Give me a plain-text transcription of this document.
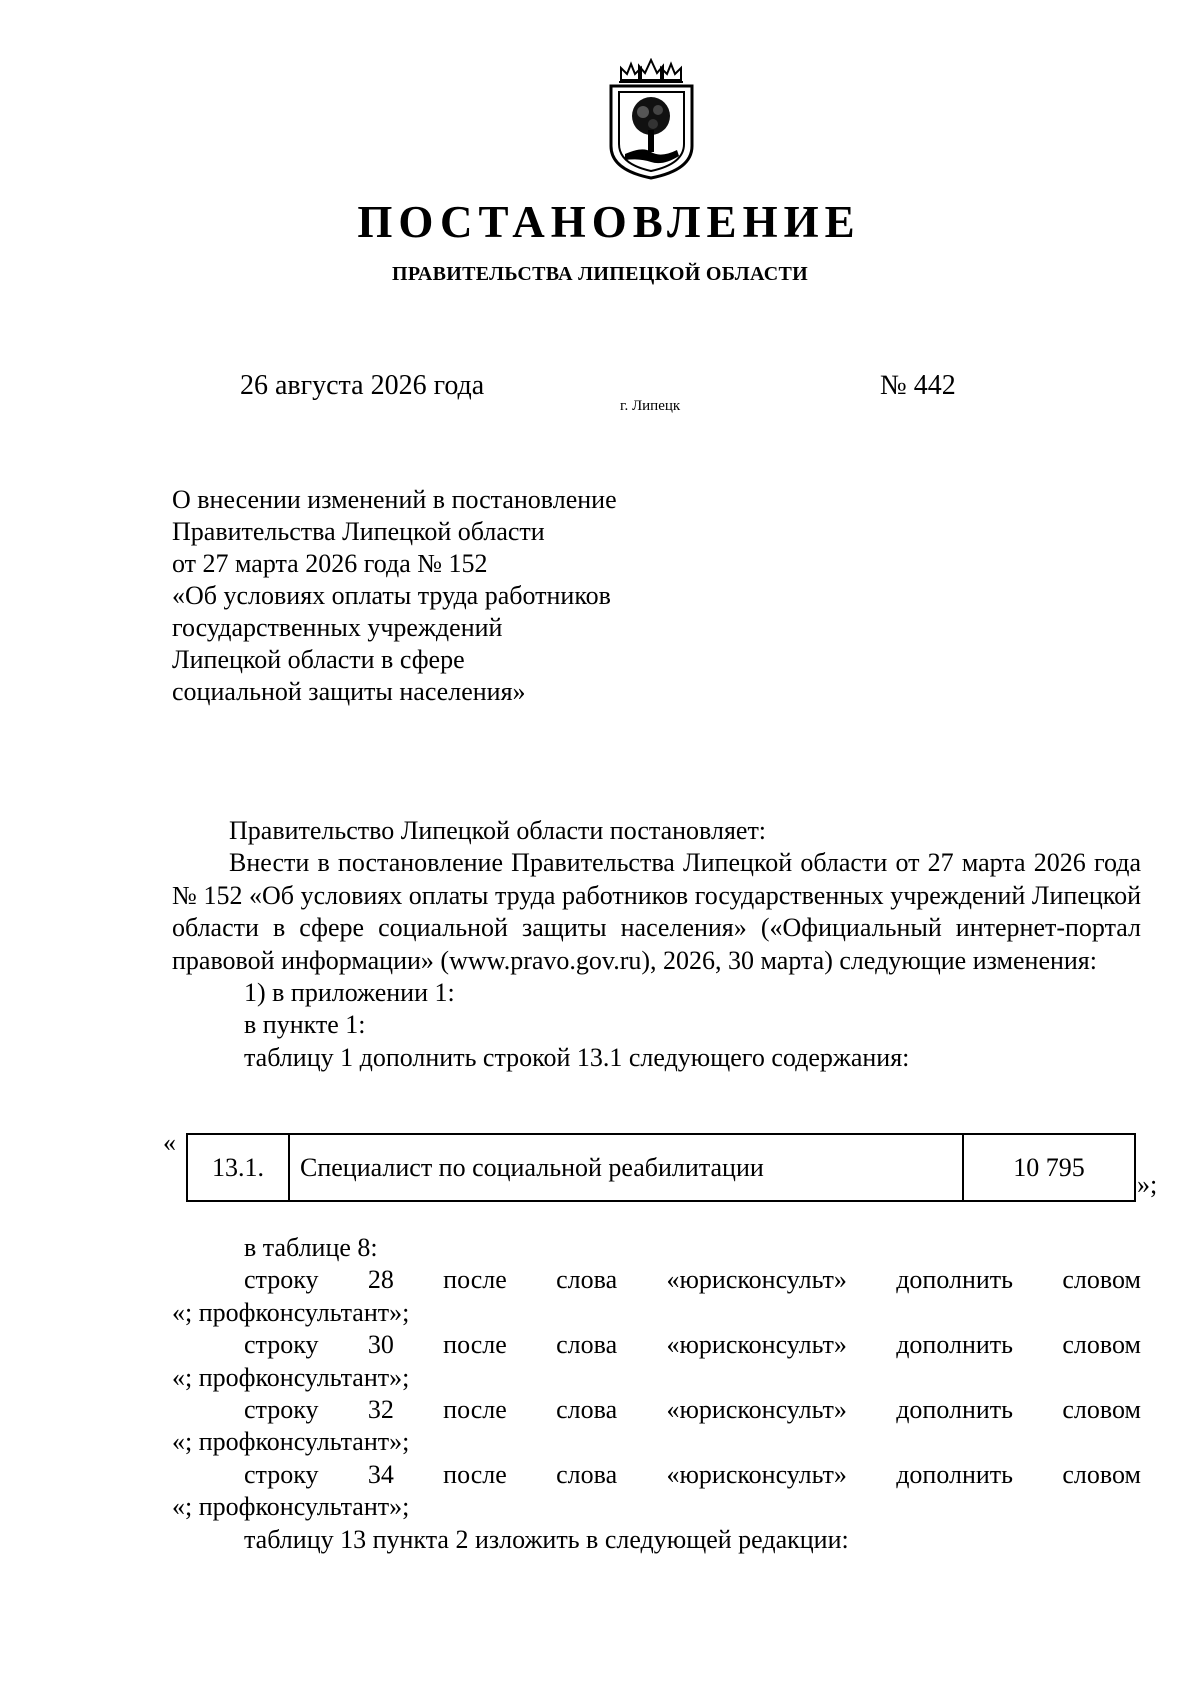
ПОСТАНОВЛЕНИЕ
ПРАВИТЕЛЬСТВА ЛИПЕЦКОЙ ОБЛАСТИ
26 августа 2026 года
г. Липецк
№ 442
О внесении изменений в постановление
Правительства Липецкой области
от 27 марта 2026 года № 152
«Об условиях оплаты труда работников
государственных учреждений
Липецкой области в сфере
социальной защиты населения»

Правительство Липецкой области постановляет:

Внести в постановление Правительства Липецкой области от 27 марта 2026 года № 152 «Об условиях оплаты труда работников государственных учреждений Липецкой области в сфере социальной защиты населения» («Официальный интернет-портал правовой информации» (www.pravo.gov.ru), 2026, 30 марта) следующие изменения:

1) в приложении 1:

в пункте 1:

таблицу 1 дополнить строкой 13.1 следующего содержания:

«
13.1.	Специалист по социальной реабилитации	10 795
»;

в таблице 8:

строку 28 после слова «юрисконсульт» дополнить словом

«; профконсультант»;

строку 30 после слова «юрисконсульт» дополнить словом

«; профконсультант»;

строку 32 после слова «юрисконсульт» дополнить словом

«; профконсультант»;

строку 34 после слова «юрисконсульт» дополнить словом

«; профконсультант»;

таблицу 13 пункта 2 изложить в следующей редакции:
